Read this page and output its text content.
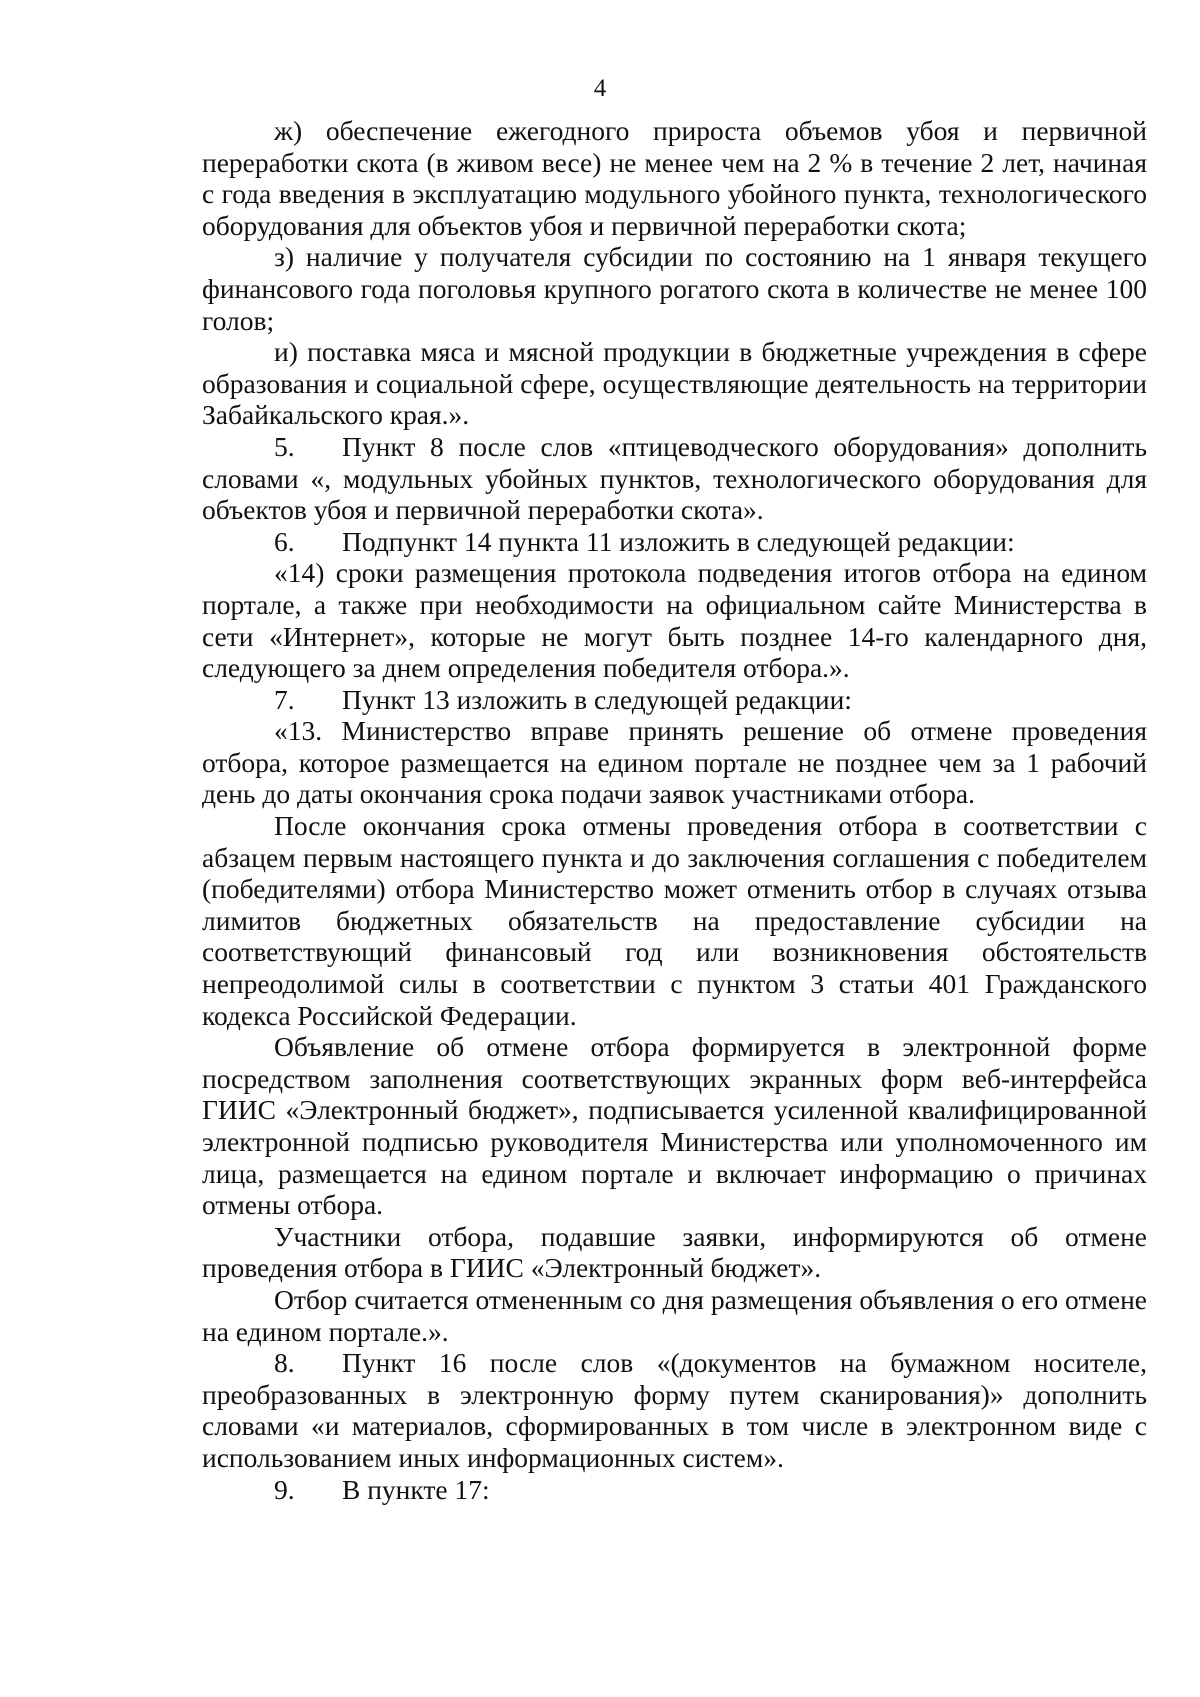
4

ж) обеспечение ежегодного прироста объемов убоя и первичной переработки скота (в живом весе) не менее чем на 2 % в течение 2 лет, начиная с года введения в эксплуатацию модульного убойного пункта, технологического оборудования для объектов убоя и первичной переработки скота;

з) наличие у получателя субсидии по состоянию на 1 января текущего финансового года поголовья крупного рогатого скота в количестве не менее 100 голов;

и) поставка мяса и мясной продукции в бюджетные учреждения в сфере образования и социальной сфере, осуществляющие деятельность на территории Забайкальского края.».

5. Пункт 8 после слов «птицеводческого оборудования» дополнить словами «, модульных убойных пунктов, технологического оборудования для объектов убоя и первичной переработки скота».

6. Подпункт 14 пункта 11 изложить в следующей редакции:

«14) сроки размещения протокола подведения итогов отбора на едином портале, а также при необходимости на официальном сайте Министерства в сети «Интернет», которые не могут быть позднее 14-го календарного дня, следующего за днем определения победителя отбора.».

7. Пункт 13 изложить в следующей редакции:

«13. Министерство вправе принять решение об отмене проведения отбора, которое размещается на едином портале не позднее чем за 1 рабочий день до даты окончания срока подачи заявок участниками отбора.

После окончания срока отмены проведения отбора в соответствии с абзацем первым настоящего пункта и до заключения соглашения с победителем (победителями) отбора Министерство может отменить отбор в случаях отзыва лимитов бюджетных обязательств на предоставление субсидии на соответствующий финансовый год или возникновения обстоятельств непреодолимой силы в соответствии с пунктом 3 статьи 401 Гражданского кодекса Российской Федерации.

Объявление об отмене отбора формируется в электронной форме посредством заполнения соответствующих экранных форм веб-интерфейса ГИИС «Электронный бюджет», подписывается усиленной квалифицированной электронной подписью руководителя Министерства или уполномоченного им лица, размещается на едином портале и включает информацию о причинах отмены отбора.

Участники отбора, подавшие заявки, информируются об отмене проведения отбора в ГИИС «Электронный бюджет».

Отбор считается отмененным со дня размещения объявления о его отмене на едином портале.».

8. Пункт 16 после слов «(документов на бумажном носителе, преобразованных в электронную форму путем сканирования)» дополнить словами «и материалов, сформированных в том числе в электронном виде с использованием иных информационных систем».

9. В пункте 17:
